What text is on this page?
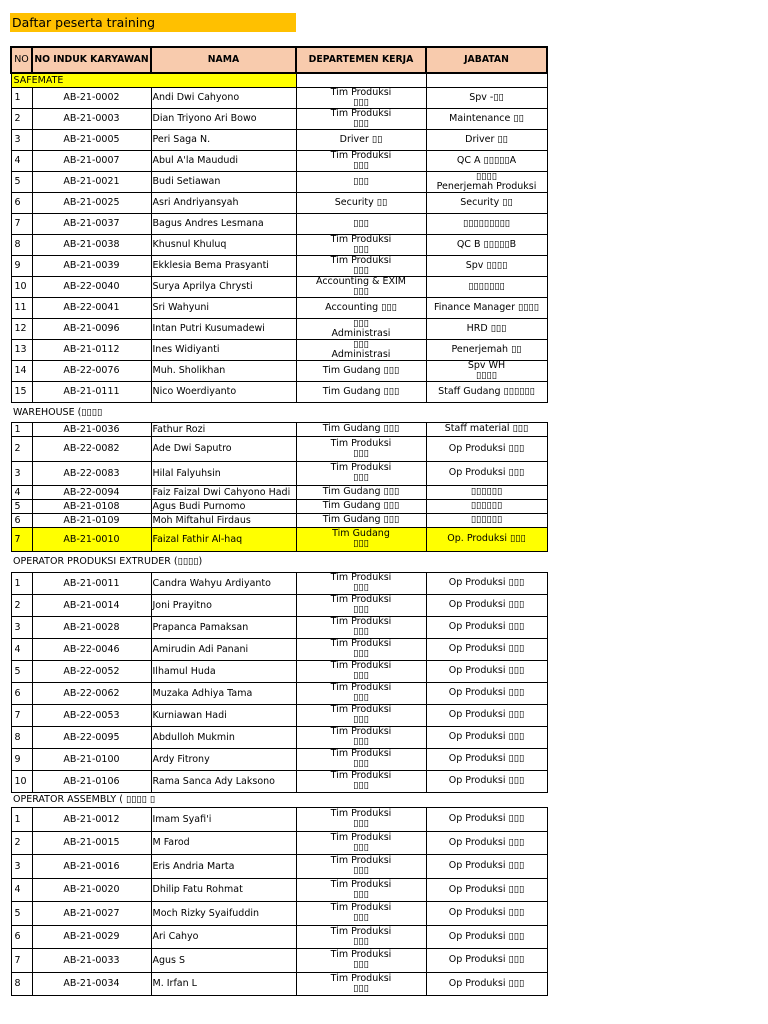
Daftar peserta training
NO	NO INDUK KARYAWAN	NAMA	DEPARTEMEN KERJA	JABATAN
SAFEMATE				
1	AB-21-0002	Andi Dwi Cahyono	Tim Produksi
▯▯▯	Spv -▯▯

2	AB-21-0003	Dian Triyono Ari Bowo	Tim Produksi
▯▯▯	Maintenance ▯▯

3	AB-21-0005	Peri Saga N.	Driver ▯▯	Driver ▯▯

4	AB-21-0007	Abul A'la Maududi	Tim Produksi
▯▯▯	QC A ▯▯▯▯▯A

5	AB-21-0021	Budi Setiawan	▯▯▯	▯▯▯▯
Penerjemah Produksi

6	AB-21-0025	Asri Andriyansyah	Security ▯▯	Security ▯▯

7	AB-21-0037	Bagus Andres Lesmana	▯▯▯	▯▯▯▯▯▯▯▯▯

8	AB-21-0038	Khusnul Khuluq	Tim Produksi
▯▯▯	QC B ▯▯▯▯▯B

9	AB-21-0039	Ekklesia Bema Prasyanti	Tim Produksi
▯▯▯	Spv ▯▯▯▯

10	AB-22-0040	Surya Aprilya Chrysti	Accounting & EXIM
▯▯▯	▯▯▯▯▯▯▯

11	AB-22-0041	Sri Wahyuni	Accounting ▯▯▯	Finance Manager ▯▯▯▯

12	AB-21-0096	Intan Putri Kusumadewi	▯▯▯
Administrasi	HRD ▯▯▯

13	AB-21-0112	Ines Widiyanti	▯▯▯
Administrasi	Penerjemah ▯▯

14	AB-22-0076	Muh. Sholikhan	Tim Gudang ▯▯▯	Spv WH
▯▯▯▯

15	AB-21-0111	Nico Woerdiyanto	Tim Gudang ▯▯▯	Staff Gudang ▯▯▯▯▯▯

WAREHOUSE (▯▯▯▯				
1	AB-21-0036	Fathur Rozi	Tim Gudang ▯▯▯	Staff material ▯▯▯

2	AB-22-0082	Ade Dwi Saputro	Tim Produksi
▯▯▯	Op Produksi ▯▯▯

3	AB-22-0083	Hilal Falyuhsin	Tim Produksi
▯▯▯	Op Produksi ▯▯▯

4	AB-22-0094	Faiz Faizal Dwi Cahyono Hadi	Tim Gudang ▯▯▯	▯▯▯▯▯▯

5	AB-21-0108	Agus Budi Purnomo	Tim Gudang ▯▯▯	▯▯▯▯▯▯

6	AB-21-0109	Moh Miftahul Firdaus	Tim Gudang ▯▯▯	▯▯▯▯▯▯

7	AB-21-0010	Faizal Fathir Al-haq	Tim Gudang
▯▯▯	Op. Produksi ▯▯▯

OPERATOR PRODUKSI EXTRUDER (▯▯▯▯)				
1	AB-21-0011	Candra Wahyu Ardiyanto	Tim Produksi
▯▯▯	Op Produksi ▯▯▯

2	AB-21-0014	Joni Prayitno	Tim Produksi
▯▯▯	Op Produksi ▯▯▯

3	AB-21-0028	Prapanca Pamaksan	Tim Produksi
▯▯▯	Op Produksi ▯▯▯

4	AB-22-0046	Amirudin Adi Panani	Tim Produksi
▯▯▯	Op Produksi ▯▯▯

5	AB-22-0052	Ilhamul Huda	Tim Produksi
▯▯▯	Op Produksi ▯▯▯

6	AB-22-0062	Muzaka Adhiya Tama	Tim Produksi
▯▯▯	Op Produksi ▯▯▯

7	AB-22-0053	Kurniawan Hadi	Tim Produksi
▯▯▯	Op Produksi ▯▯▯

8	AB-22-0095	Abdulloh Mukmin	Tim Produksi
▯▯▯	Op Produksi ▯▯▯

9	AB-21-0100	Ardy Fitrony	Tim Produksi
▯▯▯	Op Produksi ▯▯▯

10	AB-21-0106	Rama Sanca Ady Laksono	Tim Produksi
▯▯▯	Op Produksi ▯▯▯

OPERATOR ASSEMBLY ( ▯▯▯▯ ▯				
1	AB-21-0012	Imam Syafi'i	Tim Produksi
▯▯▯	Op Produksi ▯▯▯

2	AB-21-0015	M Farod	Tim Produksi
▯▯▯	Op Produksi ▯▯▯

3	AB-21-0016	Eris Andria Marta	Tim Produksi
▯▯▯	Op Produksi ▯▯▯

4	AB-21-0020	Dhilip Fatu Rohmat	Tim Produksi
▯▯▯	Op Produksi ▯▯▯

5	AB-21-0027	Moch Rizky Syaifuddin	Tim Produksi
▯▯▯	Op Produksi ▯▯▯

6	AB-21-0029	Ari Cahyo	Tim Produksi
▯▯▯	Op Produksi ▯▯▯

7	AB-21-0033	Agus S	Tim Produksi
▯▯▯	Op Produksi ▯▯▯

8	AB-21-0034	M. Irfan L	Tim Produksi
▯▯▯	Op Produksi ▯▯▯
